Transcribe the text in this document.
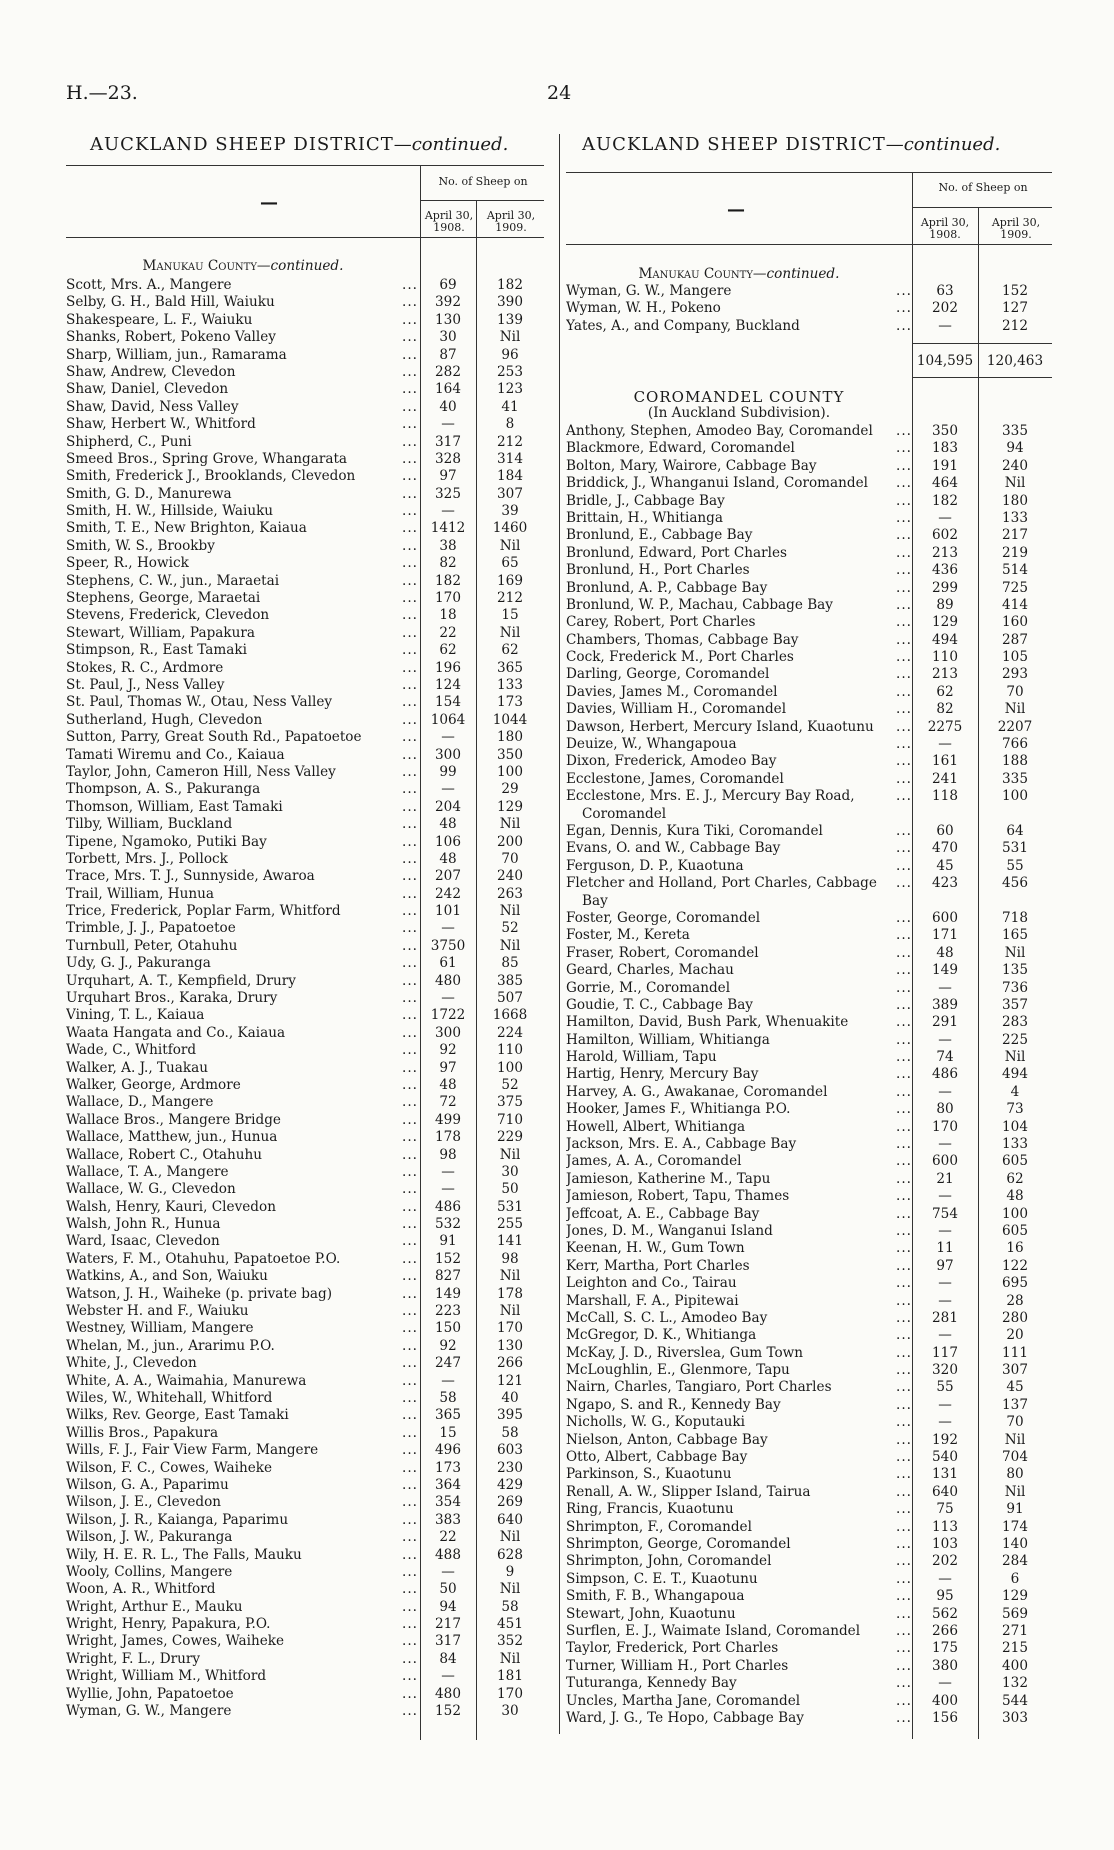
H.—23.	24
AUCKLAND SHEEP DISTRICT—continued.
—
No. of Sheep on
April 30, 1908.
April 30, 1909.
Manukau County—continued.
Scott, Mrs. A., Mangere	...	69	182
Selby, G. H., Bald Hill, Waiuku	...	392	390
Shakespeare, L. F., Waiuku	...	130	139
Shanks, Robert, Pokeno Valley	...	30	Nil
Sharp, William, jun., Ramarama	...	87	96
Shaw, Andrew, Clevedon	...	282	253
Shaw, Daniel, Clevedon	...	164	123
Shaw, David, Ness Valley	...	40	41
Shaw, Herbert W., Whitford	...	—	8
Shipherd, C., Puni	...	317	212
Smeed Bros., Spring Grove, Whangarata	...	328	314
Smith, Frederick J., Brooklands, Clevedon	...	97	184
Smith, G. D., Manurewa	...	325	307
Smith, H. W., Hillside, Waiuku	...	—	39
Smith, T. E., New Brighton, Kaiaua	... 1412	1460
Smith, W. S., Brookby	...	38	Nil
Speer, R., Howick	...	82	65
Stephens, C. W., jun., Maraetai	...	182	169
Stephens, George, Maraetai	...	170	212
Stevens, Frederick, Clevedon	...	18	15
Stewart, William, Papakura	...	22	Nil
Stimpson, R., East Tamaki	...	62	62
Stokes, R. C., Ardmore	...	196	365
St. Paul, J., Ness Valley	...	124	133
St. Paul, Thomas W., Otau, Ness Valley	...	154	173
Sutherland, Hugh, Clevedon	... 1064	1044
Sutton, Parry, Great South Rd., Papatoetoe	...	—	180
Tamati Wiremu and Co., Kaiaua	...	300	350
Taylor, John, Cameron Hill, Ness Valley	...	99	100
Thompson, A. S., Pakuranga	...	—	29
Thomson, William, East Tamaki	...	204	129
Tilby, William, Buckland	...	48	Nil
Tipene, Ngamoko, Putiki Bay	...	106	200
Torbett, Mrs. J., Pollock	...	48	70
Trace, Mrs. T. J., Sunnyside, Awaroa	...	207	240
Trail, William, Hunua	...	242	263
Trice, Frederick, Poplar Farm, Whitford	...	101	Nil
Trimble, J. J., Papatoetoe	...	—	52
Turnbull, Peter, Otahuhu	... 3750	Nil
Udy, G. J., Pakuranga	...	61	85
Urquhart, A. T., Kempfield, Drury	...	480	385
Urquhart Bros., Karaka, Drury	...	—	507
Vining, T. L., Kaiaua	... 1722	1668
Waata Hangata and Co., Kaiaua	...	300	224
Wade, C., Whitford	...	92	110
Walker, A. J., Tuakau	...	97	100
Walker, George, Ardmore	...	48	52
Wallace, D., Mangere	...	72	375
Wallace Bros., Mangere Bridge	...	499	710
Wallace, Matthew, jun., Hunua	...	178	229
Wallace, Robert C., Otahuhu	...	98	Nil
Wallace, T. A., Mangere	...	—	30
Wallace, W. G., Clevedon	...	—	50
Walsh, Henry, Kauri, Clevedon	...	486	531
Walsh, John R., Hunua	...	532	255
Ward, Isaac, Clevedon	...	91	141
Waters, F. M., Otahuhu, Papatoetoe P.O.	...	152	98
Watkins, A., and Son, Waiuku	...	827	Nil
Watson, J. H., Waiheke (p. private bag)	...	149	178
Webster H. and F., Waiuku	...	223	Nil
Westney, William, Mangere	...	150	170
Whelan, M., jun., Ararimu P.O.	...	92	130
White, J., Clevedon	...	247	266
White, A. A., Waimahia, Manurewa	...	—	121
Wiles, W., Whitehall, Whitford	...	58	40
Wilks, Rev. George, East Tamaki	...	365	395
Willis Bros., Papakura	...	15	58
Wills, F. J., Fair View Farm, Mangere	...	496	603
Wilson, F. C., Cowes, Waiheke	...	173	230
Wilson, G. A., Paparimu	...	364	429
Wilson, J. E., Clevedon	...	354	269
Wilson, J. R., Kaianga, Paparimu	...	383	640
Wilson, J. W., Pakuranga	...	22	Nil
Wily, H. E. R. L., The Falls, Mauku	...	488	628
Wooly, Collins, Mangere	...	—	9
Woon, A. R., Whitford	...	50	Nil
Wright, Arthur E., Mauku	...	94	58
Wright, Henry, Papakura, P.O.	...	217	451
Wright, James, Cowes, Waiheke	...	317	352
Wright, F. L., Drury	...	84	Nil
Wright, William M., Whitford	...	—	181
Wyllie, John, Papatoetoe	...	480	170
Wyman, G. W., Mangere	...	152	30
AUCKLAND SHEEP DISTRICT—continued.
—
No. of Sheep on
April 30, 1908.
April 30, 1909.
Manukau County—continued.
Wyman, G. W., Mangere	...	63	152
Wyman, W. H., Pokeno	...	202	127
Yates, A., and Company, Buckland	...	—	212
104,595	120,463
COROMANDEL COUNTY
(In Auckland Subdivision).
Anthony, Stephen, Amodeo Bay, Coromandel	...	350	335
Blackmore, Edward, Coromandel	...	183	94
Bolton, Mary, Wairore, Cabbage Bay	...	191	240
Briddick, J., Whanganui Island, Coromandel	...	464	Nil
Bridle, J., Cabbage Bay	...	182	180
Brittain, H., Whitianga	...	—	133
Bronlund, E., Cabbage Bay	...	602	217
Bronlund, Edward, Port Charles	...	213	219
Bronlund, H., Port Charles	...	436	514
Bronlund, A. P., Cabbage Bay	...	299	725
Bronlund, W. P., Machau, Cabbage Bay	...	89	414
Carey, Robert, Port Charles	...	129	160
Chambers, Thomas, Cabbage Bay	...	494	287
Cock, Frederick M., Port Charles	...	110	105
Darling, George, Coromandel	...	213	293
Davies, James M., Coromandel	...	62	70
Davies, William H., Coromandel	...	82	Nil
Dawson, Herbert, Mercury Island, Kuaotunu	...	2275	2207
Deuize, W., Whangapoua	...	—	766
Dixon, Frederick, Amodeo Bay	...	161	188
Ecclestone, James, Coromandel	...	241	335
Ecclestone, Mrs. E. J., Mercury Bay Road,	...	118	100
Coromandel
Egan, Dennis, Kura Tiki, Coromandel	...	60	64
Evans, O. and W., Cabbage Bay	...	470	531
Ferguson, D. P., Kuaotuna	...	45	55
Fletcher and Holland, Port Charles, Cabbage	...	423	456
Bay
Foster, George, Coromandel	...	600	718
Foster, M., Kereta	...	171	165
Fraser, Robert, Coromandel	...	48	Nil
Geard, Charles, Machau	...	149	135
Gorrie, M., Coromandel	...	—	736
Goudie, T. C., Cabbage Bay	...	389	357
Hamilton, David, Bush Park, Whenuakite	...	291	283
Hamilton, William, Whitianga	...	—	225
Harold, William, Tapu	...	74	Nil
Hartig, Henry, Mercury Bay	...	486	494
Harvey, A. G., Awakanae, Coromandel	...	—	4
Hooker, James F., Whitianga P.O.	...	80	73
Howell, Albert, Whitianga	...	170	104
Jackson, Mrs. E. A., Cabbage Bay	...	—	133
James, A. A., Coromandel	...	600	605
Jamieson, Katherine M., Tapu	...	21	62
Jamieson, Robert, Tapu, Thames	...	—	48
Jeffcoat, A. E., Cabbage Bay	...	754	100
Jones, D. M., Wanganui Island	...	—	605
Keenan, H. W., Gum Town	...	11	16
Kerr, Martha, Port Charles	...	97	122
Leighton and Co., Tairau	...	—	695
Marshall, F. A., Pipitewai	...	—	28
McCall, S. C. L., Amodeo Bay	...	281	280
McGregor, D. K., Whitianga	...	—	20
McKay, J. D., Riverslea, Gum Town	...	117	111
McLoughlin, E., Glenmore, Tapu	...	320	307
Nairn, Charles, Tangiaro, Port Charles	...	55	45
Ngapo, S. and R., Kennedy Bay	...	—	137
Nicholls, W. G., Koputauki	...	—	70
Nielson, Anton, Cabbage Bay	...	192	Nil
Otto, Albert, Cabbage Bay	...	540	704
Parkinson, S., Kuaotunu	...	131	80
Renall, A. W., Slipper Island, Tairua	...	640	Nil
Ring, Francis, Kuaotunu	...	75	91
Shrimpton, F., Coromandel	...	113	174
Shrimpton, George, Coromandel	...	103	140
Shrimpton, John, Coromandel	...	202	284
Simpson, C. E. T., Kuaotunu	...	—	6
Smith, F. B., Whangapoua	...	95	129
Stewart, John, Kuaotunu	...	562	569
Surflen, E. J., Waimate Island, Coromandel	...	266	271
Taylor, Frederick, Port Charles	...	175	215
Turner, William H., Port Charles	...	380	400
Tuturanga, Kennedy Bay	...	—	132
Uncles, Martha Jane, Coromandel	...	400	544
Ward, J. G., Te Hopo, Cabbage Bay	...	156	303
